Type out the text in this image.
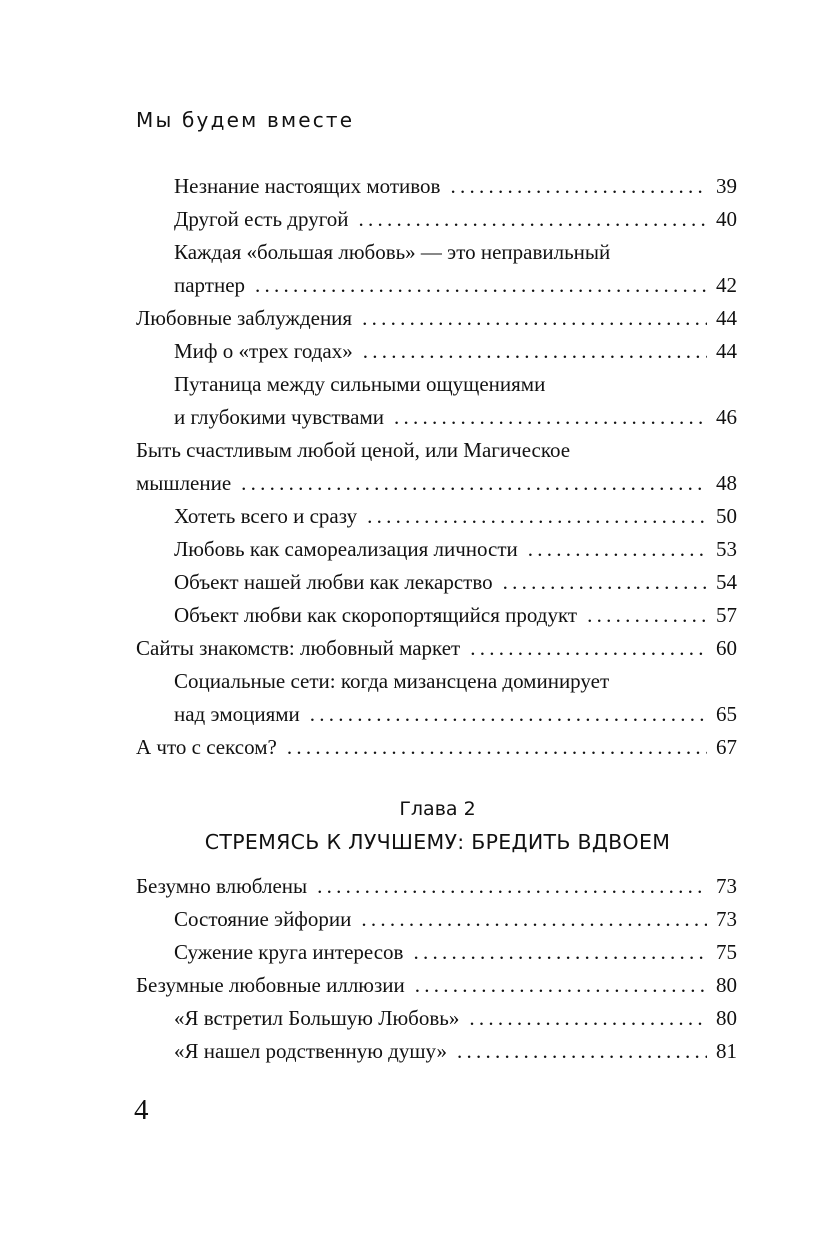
Мы будем вместе
Незнание настоящих мотивов . . .	39
Другой есть другой . . .	40
Каждая «большая любовь» — это неправильный
партнер . . .	42
Любовные заблуждения . . .	44
Миф о «трех годах» . . .	44
Путаница между сильными ощущениями
и глубокими чувствами . . .	46
Быть счастливым любой ценой, или Магическое
мышление . . .	48
Хотеть всего и сразу . . .	50
Любовь как самореализация личности . . .	53
Объект нашей любви как лекарство . . .	54
Объект любви как скоропортящийся продукт . . .	57
Сайты знакомств: любовный маркет . . .	60
Социальные сети: когда мизансцена доминирует
над эмоциями . . .	65
А что с сексом? . . .	67
Безумно влюблены . . .	73
Состояние эйфории . . .	73
Сужение круга интересов . . .	75
Безумные любовные иллюзии . . .	80
«Я встретил Большую Любовь» . . .	80
«Я нашел родственную душу» . . .	81
Глава 2
СТРЕМЯСЬ К ЛУЧШЕМУ: БРЕДИТЬ ВДВОЕМ
4
